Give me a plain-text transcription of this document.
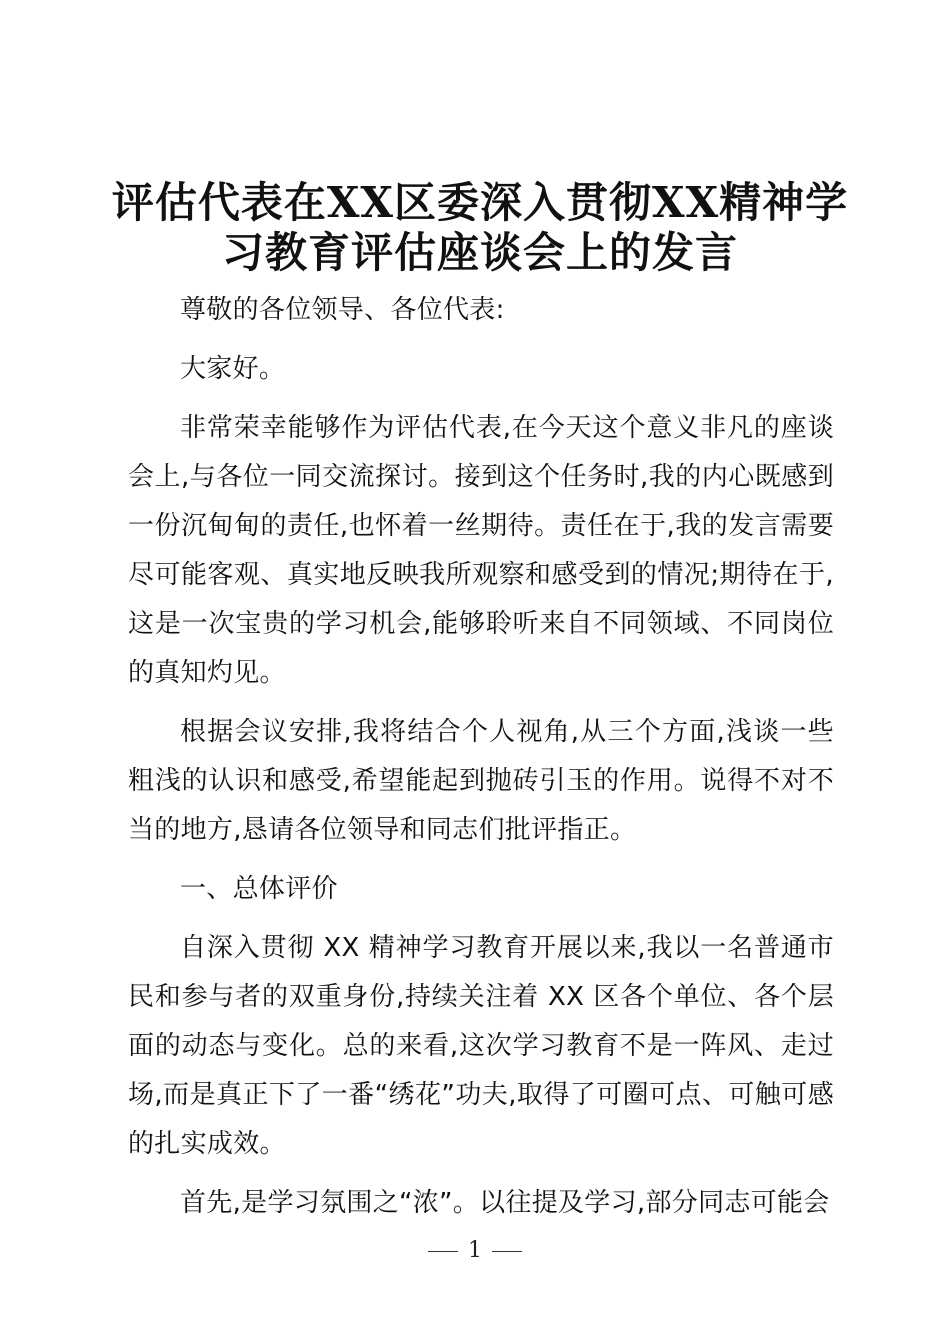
评估代表在XX区委深入贯彻XX精神学习教育评估座谈会上的发言

尊敬的各位领导、各位代表:

大家好。

非常荣幸能够作为评估代表,在今天这个意义非凡的座谈会上,与各位一同交流探讨。接到这个任务时,我的内心既感到一份沉甸甸的责任,也怀着一丝期待。责任在于,我的发言需要尽可能客观、真实地反映我所观察和感受到的情况;期待在于,这是一次宝贵的学习机会,能够聆听来自不同领域、不同岗位的真知灼见。

根据会议安排,我将结合个人视角,从三个方面,浅谈一些粗浅的认识和感受,希望能起到抛砖引玉的作用。说得不对不当的地方,恳请各位领导和同志们批评指正。

一、总体评价

自深入贯彻 XX 精神学习教育开展以来,我以一名普通市民和参与者的双重身份,持续关注着 XX 区各个单位、各个层面的动态与变化。总的来看,这次学习教育不是一阵风、走过场,而是真正下了一番“绣花”功夫,取得了可圈可点、可触可感的扎实成效。

首先,是学习氛围之“浓”。以往提及学习,部分同志可能会

1
